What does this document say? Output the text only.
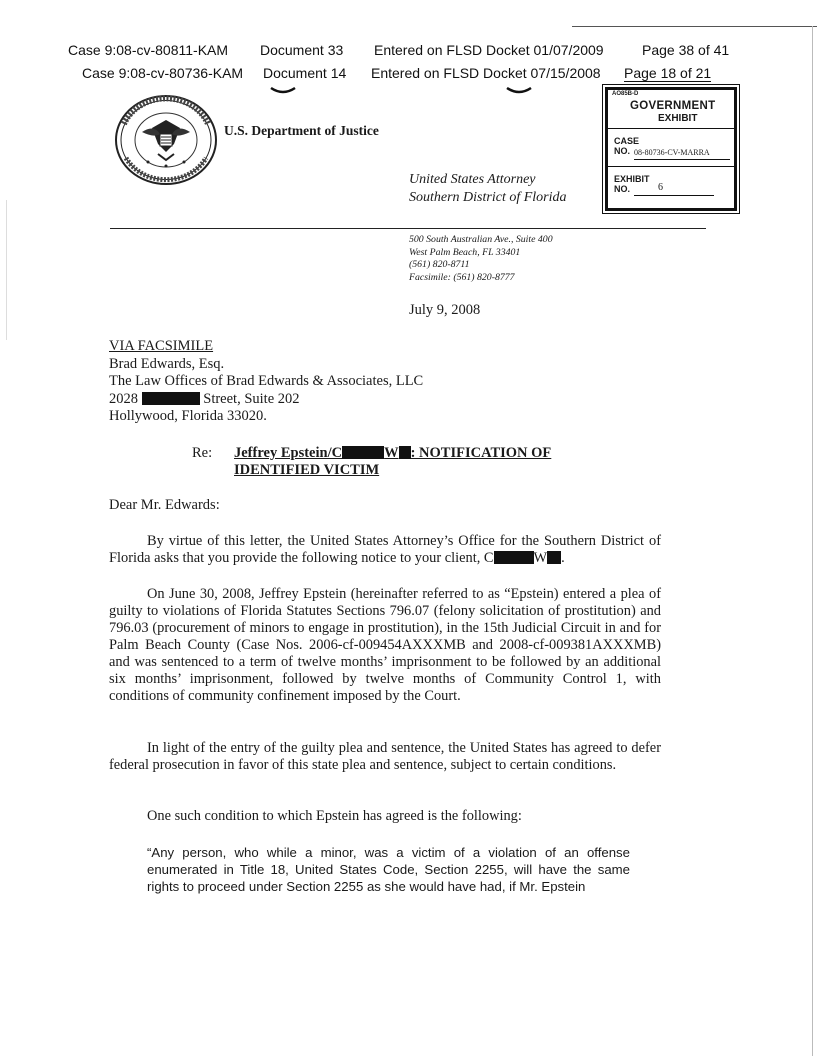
Case 9:08-cv-80811-KAM Document 33 Entered on FLSD Docket 01/07/2009	Page 38 of 41
Case 9:08-cv-80736-KAM Document 14 Entered on FLSD Docket 07/15/2008 Page 18 of 21
U.S. Department of Justice
AO85B-D
GOVERNMENT
EXHIBIT
CASE
NO. 08-80736-CV-MARRA
EXHIBIT
NO.	6
United States Attorney
Southern District of Florida
500 South Australian Ave., Suite 400
West Palm Beach, FL 33401
(561) 820-8711
Facsimile: (561) 820-8777
July 9, 2008
VIA FACSIMILE
Brad Edwards, Esq.
The Law Offices of Brad Edwards & Associates, LLC
2028	Street, Suite 202
Hollywood, Florida 33020.
Re: Jeffrey Epstein/C	W : NOTIFICATION OF
IDENTIFIED VICTIM
Dear Mr. Edwards:
By virtue of this letter, the United States Attorney’s Office for the Southern District of Florida asks that you provide the following notice to your client, C	W .
On June 30, 2008, Jeffrey Epstein (hereinafter referred to as “Epstein) entered a plea of guilty to violations of Florida Statutes Sections 796.07 (felony solicitation of prostitution) and 796.03 (procurement of minors to engage in prostitution), in the 15th Judicial Circuit in and for Palm Beach County (Case Nos. 2006-cf-009454AXXXMB and 2008-cf-009381AXXXMB) and was sentenced to a term of twelve months’ imprisonment to be followed by an additional six months’ imprisonment, followed by twelve months of Community Control 1, with conditions of community confinement imposed by the Court.
In light of the entry of the guilty plea and sentence, the United States has agreed to defer federal prosecution in favor of this state plea and sentence, subject to certain conditions.
One such condition to which Epstein has agreed is the following:
“Any person, who while a minor, was a victim of a violation of an offense enumerated in Title 18, United States Code, Section 2255, will have the same rights to proceed under Section 2255 as she would have had, if Mr. Epstein
